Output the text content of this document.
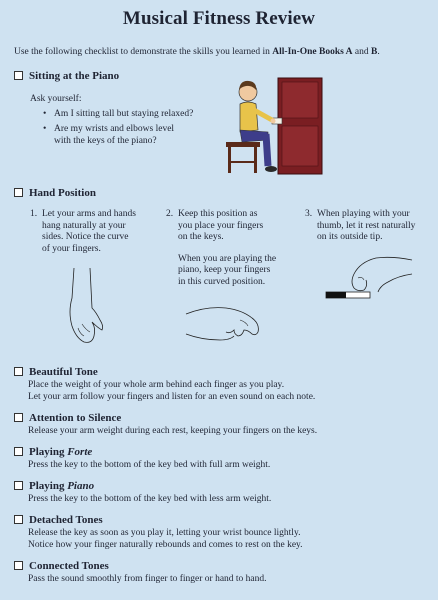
Musical Fitness Review
Use the following checklist to demonstrate the skills you learned in All-In-One Books A and B.
Sitting at the Piano
Ask yourself:
• Am I sitting tall but staying relaxed?
• Are my wrists and elbows level
with the keys of the piano?
Hand Position
1. Let your arms and hands
hang naturally at your
sides. Notice the curve
of your fingers.
2. Keep this position as
you place your fingers
on the keys.
When you are playing the
piano, keep your fingers
in this curved position.
3. When playing with your
thumb, let it rest naturally
on its outside tip.
Beautiful Tone
Place the weight of your whole arm behind each finger as you play.
Let your arm follow your fingers and listen for an even sound on each note.
Attention to Silence
Release your arm weight during each rest, keeping your fingers on the keys.
Playing Forte
Press the key to the bottom of the key bed with full arm weight.
Playing Piano
Press the key to the bottom of the key bed with less arm weight.
Detached Tones
Release the key as soon as you play it, letting your wrist bounce lightly.
Notice how your finger naturally rebounds and comes to rest on the key.
Connected Tones
Pass the sound smoothly from finger to finger or hand to hand.
